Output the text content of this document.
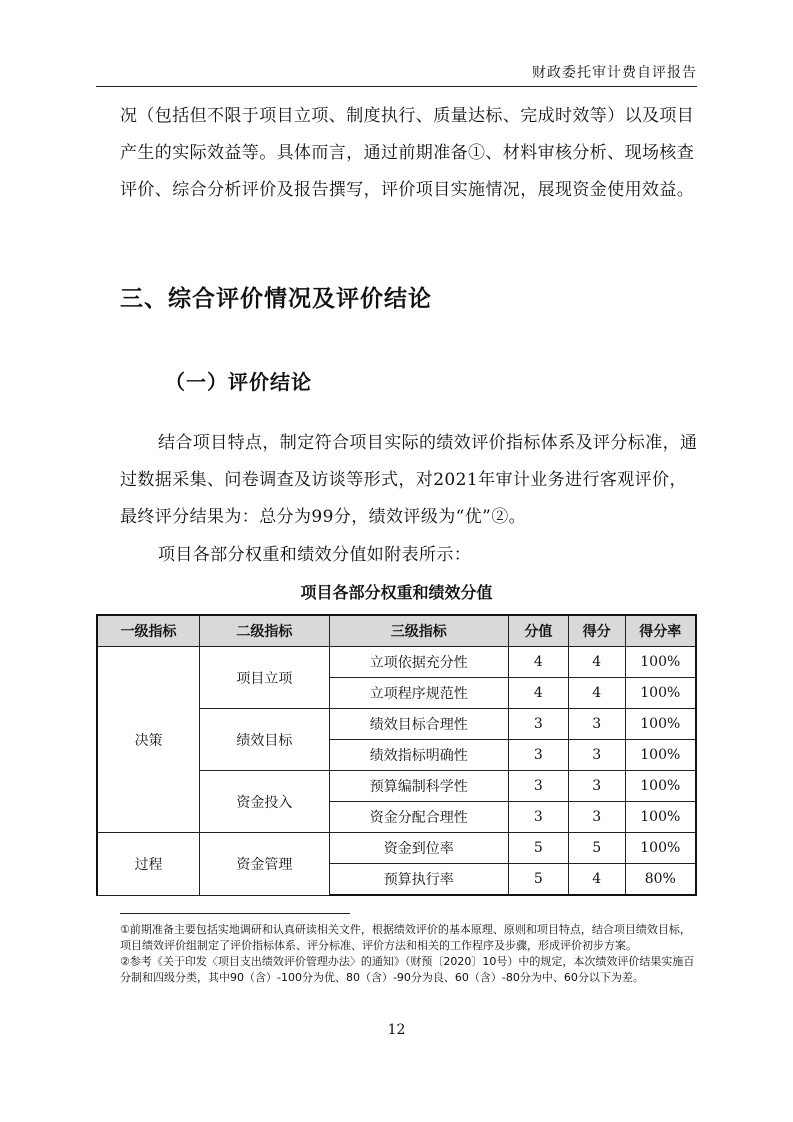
财政委托审计费自评报告
况（包括但不限于项目立项、制度执行、质量达标、完成时效等）以及项目产生的实际效益等。具体而言，通过前期准备①、材料审核分析、现场核查评价、综合分析评价及报告撰写，评价项目实施情况，展现资金使用效益。
三、综合评价情况及评价结论
（一）评价结论
结合项目特点，制定符合项目实际的绩效评价指标体系及评分标准，通过数据采集、问卷调查及访谈等形式，对2021年审计业务进行客观评价，最终评分结果为：总分为99分，绩效评级为“优”②。
项目各部分权重和绩效分值如附表所示：
项目各部分权重和绩效分值
一级指标	二级指标	三级指标	分值	得分	得分率
决策	项目立项	立项依据充分性	4	4	100%
		立项程序规范性	4	4	100%
	绩效目标	绩效目标合理性	3	3	100%
		绩效指标明确性	3	3	100%
	资金投入	预算编制科学性	3	3	100%
		资金分配合理性	3	3	100%
过程	资金管理	资金到位率	5	5	100%
		预算执行率	5	4	80%

①前期准备主要包括实地调研和认真研读相关文件，根据绩效评价的基本原理、原则和项目特点，结合项目绩效目标，项目绩效评价组制定了评价指标体系、评分标准、评价方法和相关的工作程序及步骤，形成评价初步方案。

②参考《关于印发〈项目支出绩效评价管理办法〉的通知》（财预〔2020〕10号）中的规定，本次绩效评价结果实施百分制和四级分类，其中90（含）-100分为优、80（含）-90分为良、60（含）-80分为中、60分以下为差。

12
